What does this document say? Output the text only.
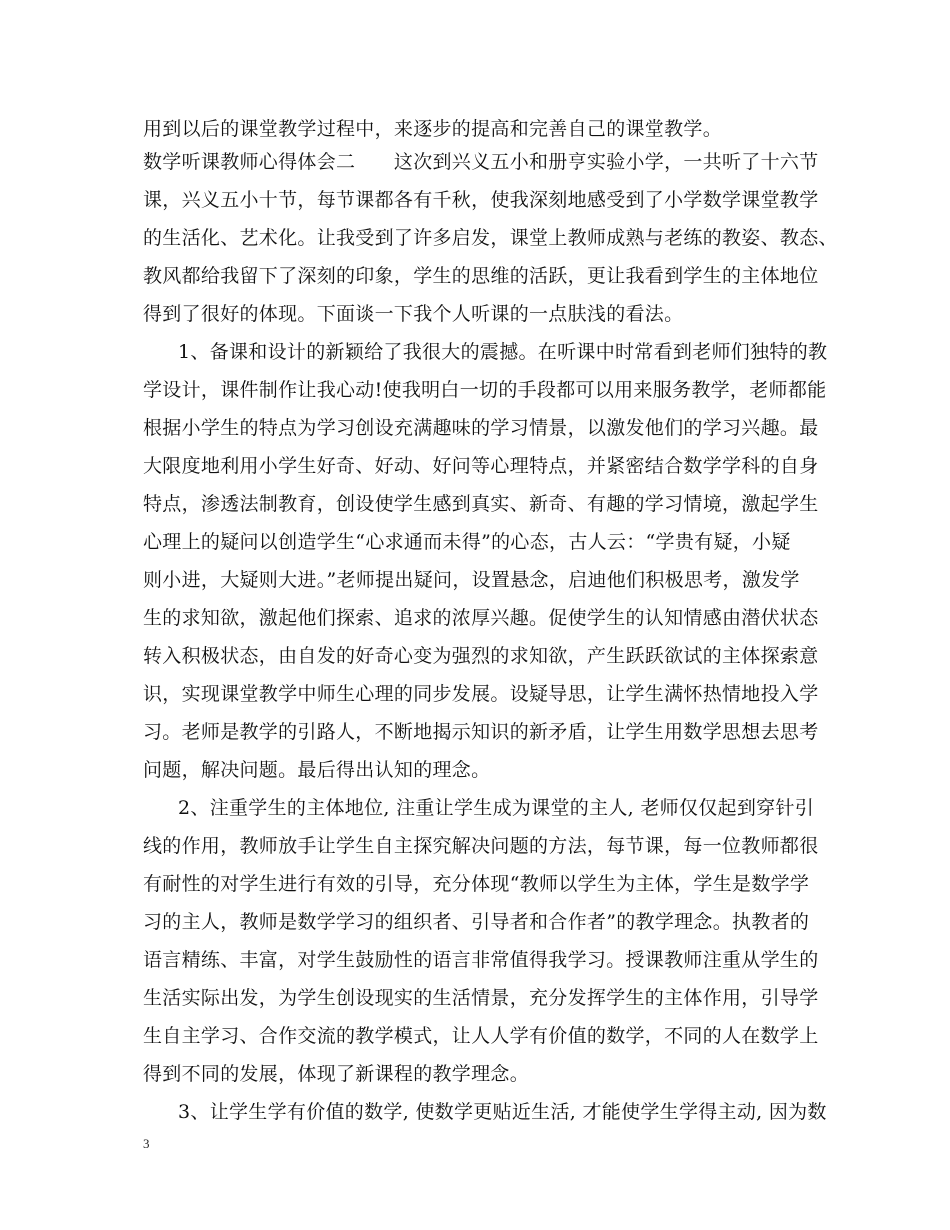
用到以后的课堂教学过程中，来逐步的提高和完善自己的课堂教学。
数学听课教师心得体会二　　这次到兴义五小和册亨实验小学，一共听了十六节
课，兴义五小十节，每节课都各有千秋，使我深刻地感受到了小学数学课堂教学
的生活化、艺术化。让我受到了许多启发，课堂上教师成熟与老练的教姿、教态、
教风都给我留下了深刻的印象，学生的思维的活跃，更让我看到学生的主体地位
得到了很好的体现。下面谈一下我个人听课的一点肤浅的看法。
1、备课和设计的新颖给了我很大的震撼。在听课中时常看到老师们独特的教
学设计，课件制作让我心动!使我明白一切的手段都可以用来服务教学，老师都能
根据小学生的特点为学习创设充满趣味的学习情景，以激发他们的学习兴趣。最
大限度地利用小学生好奇、好动、好问等心理特点，并紧密结合数学学科的自身
特点，渗透法制教育，创设使学生感到真实、新奇、有趣的学习情境，激起学生
心理上的疑问以创造学生“心求通而未得”的心态，古人云：“学贵有疑，小疑
则小进，大疑则大进。”老师提出疑问，设置悬念，启迪他们积极思考，激发学
生的求知欲，激起他们探索、追求的浓厚兴趣。促使学生的认知情感由潜伏状态
转入积极状态，由自发的好奇心变为强烈的求知欲，产生跃跃欲试的主体探索意
识，实现课堂教学中师生心理的同步发展。设疑导思，让学生满怀热情地投入学
习。老师是教学的引路人，不断地揭示知识的新矛盾，让学生用数学思想去思考
问题，解决问题。最后得出认知的理念。
2、注重学生的主体地位, 注重让学生成为课堂的主人, 老师仅仅起到穿针引
线的作用，教师放手让学生自主探究解决问题的方法，每节课，每一位教师都很
有耐性的对学生进行有效的引导，充分体现“教师以学生为主体，学生是数学学
习的主人，教师是数学学习的组织者、引导者和合作者”的教学理念。执教者的
语言精练、丰富，对学生鼓励性的语言非常值得我学习。授课教师注重从学生的
生活实际出发，为学生创设现实的生活情景，充分发挥学生的主体作用，引导学
生自主学习、合作交流的教学模式，让人人学有价值的数学，不同的人在数学上
得到不同的发展，体现了新课程的教学理念。
3、让学生学有价值的数学, 使数学更贴近生活, 才能使学生学得主动, 因为数
3
